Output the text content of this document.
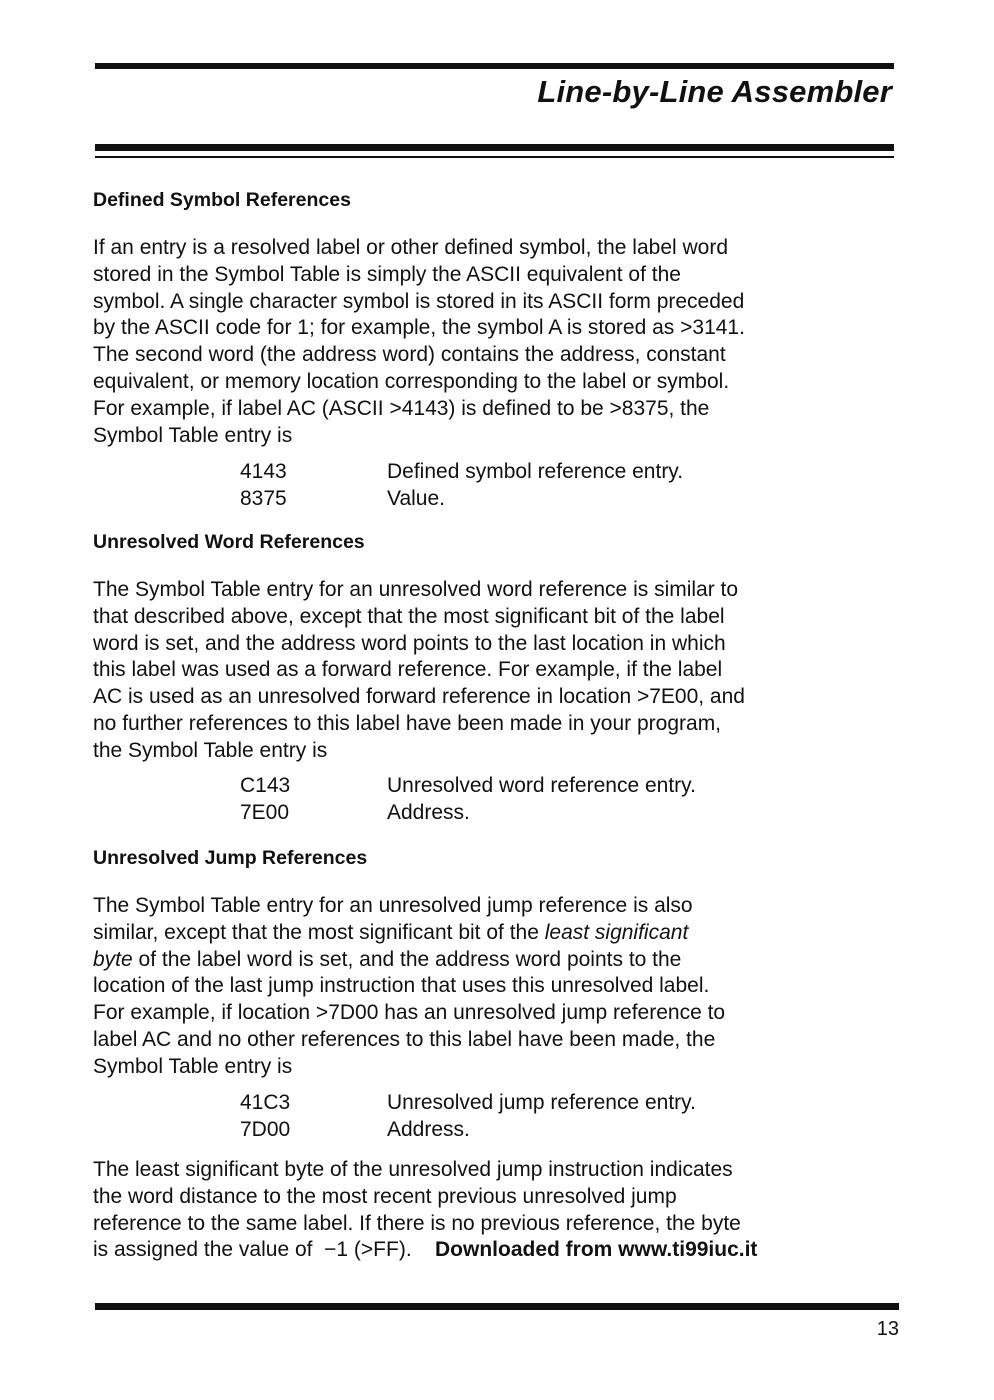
Line-by-Line Assembler
Defined Symbol References
If an entry is a resolved label or other defined symbol, the label word
stored in the Symbol Table is simply the ASCII equivalent of the
symbol. A single character symbol is stored in its ASCII form preceded
by the ASCII code for 1; for example, the symbol A is stored as >3141.
The second word (the address word) contains the address, constant
equivalent, or memory location corresponding to the label or symbol.
For example, if label AC (ASCII >4143) is defined to be >8375, the
Symbol Table entry is
4143	Defined symbol reference entry.
8375	Value.
Unresolved Word References
The Symbol Table entry for an unresolved word reference is similar to
that described above, except that the most significant bit of the label
word is set, and the address word points to the last location in which
this label was used as a forward reference. For example, if the label
AC is used as an unresolved forward reference in location >7E00, and
no further references to this label have been made in your program,
the Symbol Table entry is
C143	Unresolved word reference entry.
7E00	Address.
Unresolved Jump References
The Symbol Table entry for an unresolved jump reference is also
similar, except that the most significant bit of the least significant
byte of the label word is set, and the address word points to the
location of the last jump instruction that uses this unresolved label.
For example, if location >7D00 has an unresolved jump reference to
label AC and no other references to this label have been made, the
Symbol Table entry is
41C3	Unresolved jump reference entry.
7D00	Address.
The least significant byte of the unresolved jump instruction indicates
the word distance to the most recent previous unresolved jump
reference to the same label. If there is no previous reference, the byte
is assigned the value of  −1 (>FF). Downloaded from www.ti99iuc.it
13
